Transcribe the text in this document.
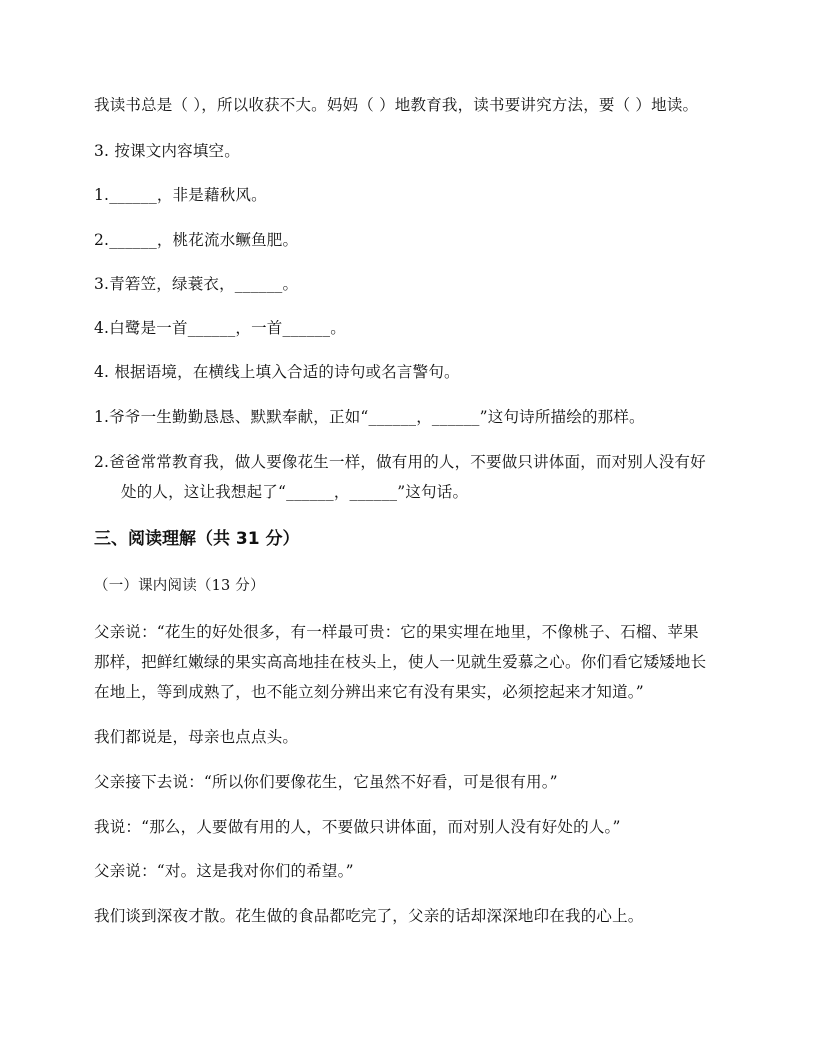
我读书总是（ ），所以收获不大。妈妈（ ）地教育我，读书要讲究方法，要（ ）地读。
3. 按课文内容填空。
1.______，非是藉秋风。
2.______，桃花流水鳜鱼肥。
3.青箬笠，绿蓑衣，______。
4.白鹭是一首______，一首______。
4. 根据语境，在横线上填入合适的诗句或名言警句。
1.爷爷一生勤勤恳恳、默默奉献，正如“______，______”这句诗所描绘的那样。
2.爸爸常常教育我，做人要像花生一样，做有用的人，不要做只讲体面，而对别人没有好
处的人，这让我想起了“______，______”这句话。
三、阅读理解（共 31 分）
（一）课内阅读（13 分）
父亲说：“花生的好处很多，有一样最可贵：它的果实埋在地里，不像桃子、石榴、苹果
那样，把鲜红嫩绿的果实高高地挂在枝头上，使人一见就生爱慕之心。你们看它矮矮地长
在地上，等到成熟了，也不能立刻分辨出来它有没有果实，必须挖起来才知道。”
我们都说是，母亲也点点头。
父亲接下去说：“所以你们要像花生，它虽然不好看，可是很有用。”
我说：“那么，人要做有用的人，不要做只讲体面，而对别人没有好处的人。”
父亲说：“对。这是我对你们的希望。”
我们谈到深夜才散。花生做的食品都吃完了，父亲的话却深深地印在我的心上。
